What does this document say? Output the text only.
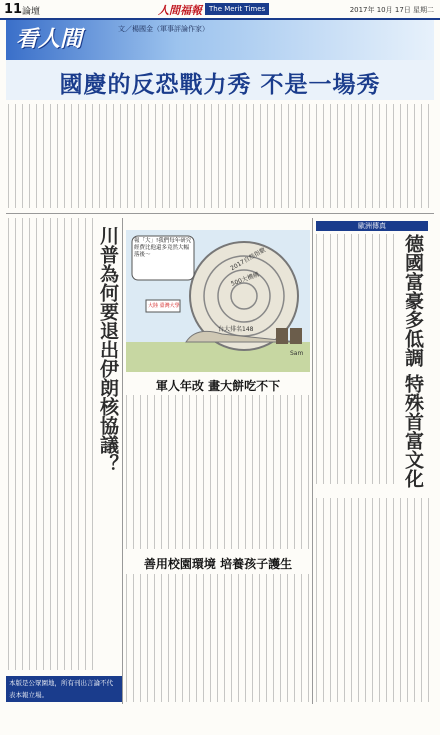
11 論壇	人間福報	The Merit Times	2017年 10月 17日 星期二
看人間	文／楊國金（軍事評論作家）
國慶的反恐戰力秀 不是一場秀
川普為何要退出伊朗核協議？	報「大」!我們每年研究經費比他還多竟然大幅落後～	2017自然指數
500大機構
台大排名148
大陸 臺灣大學
Sam
軍人年改 畫大餅吃不下
善用校園環境 培養孩子護生
歐洲傳真
德國富豪多低調 特殊首富文化
本版是公眾園地，所有刊出言論不代表本報立場。
